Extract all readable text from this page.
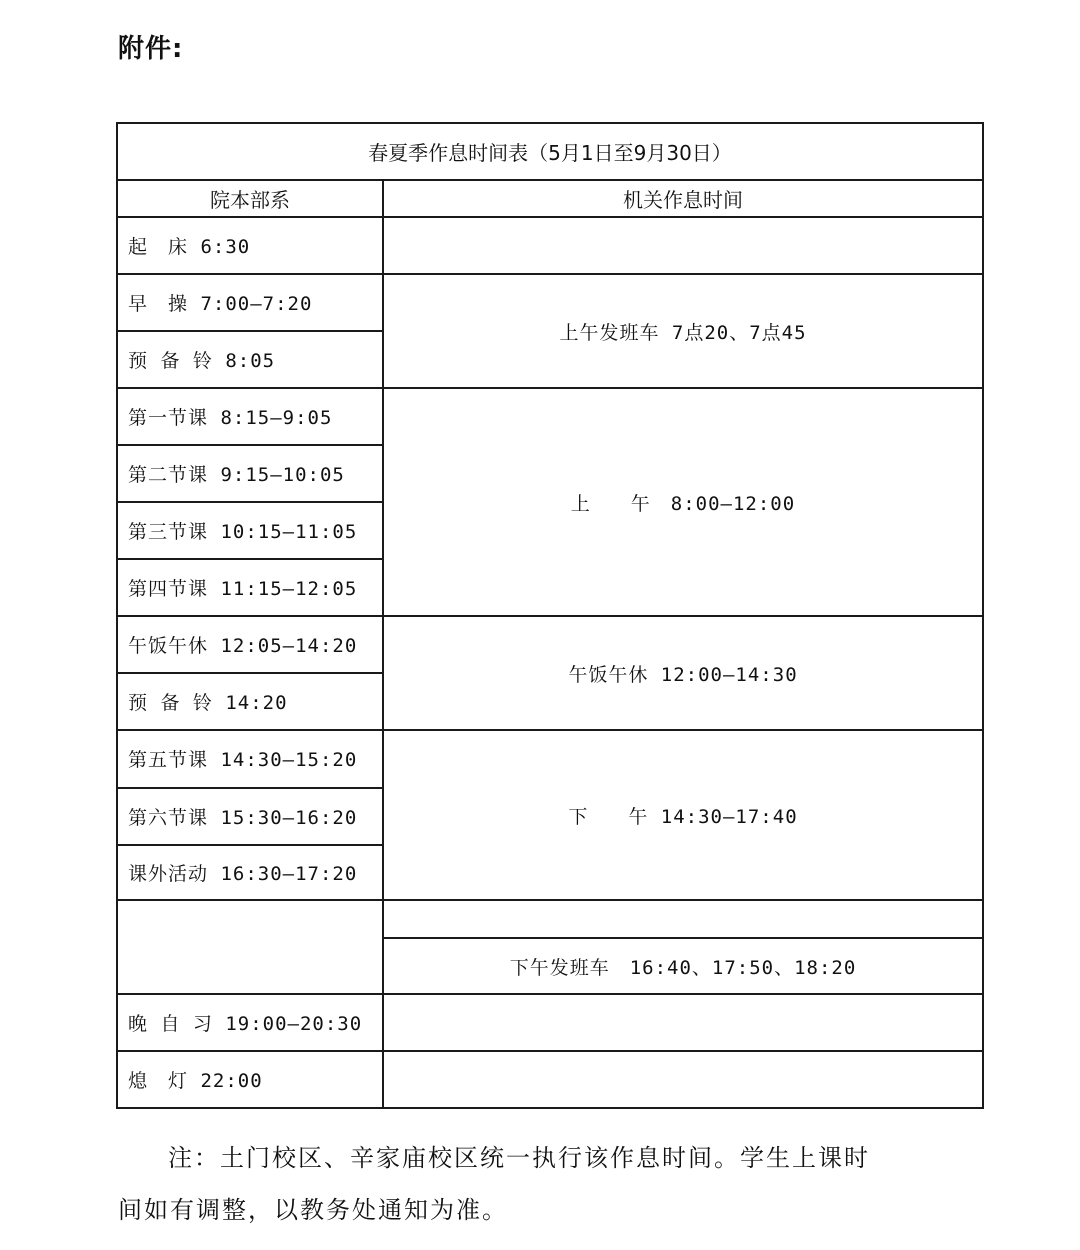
附件:
春夏季作息时间表（5月1日至9月30日）	
院本部系	机关作息时间
起　床 6:30	
早　操 7:00—7:20	上午发班车 7点20、7点45
预 备 铃 8:05	
第一节课 8:15—9:05	上　　午　8:00—12:00
第二节课 9:15—10:05	
第三节课 10:15—11:05	
第四节课 11:15—12:05	
午饭午休 12:05—14:20	午饭午休 12:00—14:30
预 备 铃 14:20	
第五节课 14:30—15:20	下　　午 14:30—17:40
第六节课 15:30—16:20	
课外活动 16:30—17:20	

	下午发班车　16:40、17:50、18:20
晚 自 习 19:00—20:30	
熄　灯 22:00	
注：土门校区、辛家庙校区统一执行该作息时间。学生上课时
间如有调整，以教务处通知为准。
